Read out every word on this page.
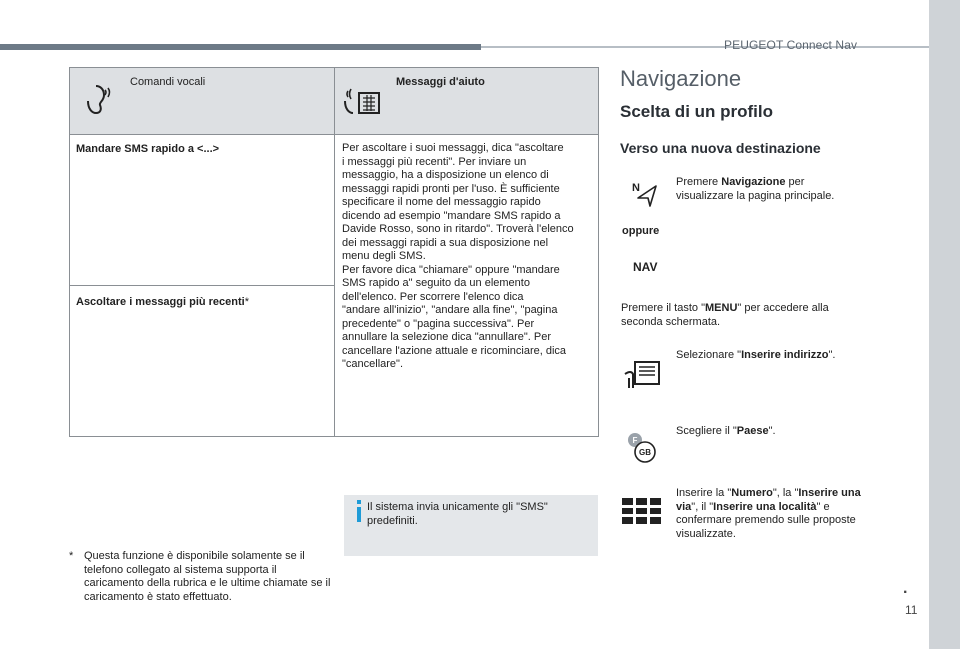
PEUGEOT Connect Nav
.
11
Comandi vocali	Messaggi d'aiuto
Mandare SMS rapido a <...>
Ascoltare i messaggi più recenti*
Per ascoltare i suoi messaggi, dica "ascoltare
i messaggi più recenti". Per inviare un
messaggio, ha a disposizione un elenco di
messaggi rapidi pronti per l'uso. È sufficiente
specificare il nome del messaggio rapido
dicendo ad esempio "mandare SMS rapido a
Davide Rosso, sono in ritardo". Troverà l'elenco
dei messaggi rapidi a sua disposizione nel
menu degli SMS.
Per favore dica "chiamare" oppure "mandare
SMS rapido a" seguito da un elemento
dell'elenco. Per scorrere l'elenco dica
"andare all'inizio", "andare alla fine", "pagina
precedente" o "pagina successiva". Per
annullare la selezione dica "annullare". Per
cancellare l'azione attuale e ricominciare, dica
"cancellare".
Il sistema invia unicamente gli "SMS" predefiniti.
* Questa funzione è disponibile solamente se il telefono collegato al sistema supporta il caricamento della rubrica e le ultime chiamate se il caricamento è stato effettuato.
Navigazione
Scelta di un profilo
Verso una nuova destinazione
N	Premere Navigazione per visualizzare la pagina principale.
oppure
NAV
Premere il tasto "MENU" per accedere alla seconda schermata.
Selezionare "Inserire indirizzo".
F
GB
Scegliere il "Paese".
Inserire la "Numero", la "Inserire una via", il "Inserire una località" e confermare premendo sulle proposte visualizzate.
